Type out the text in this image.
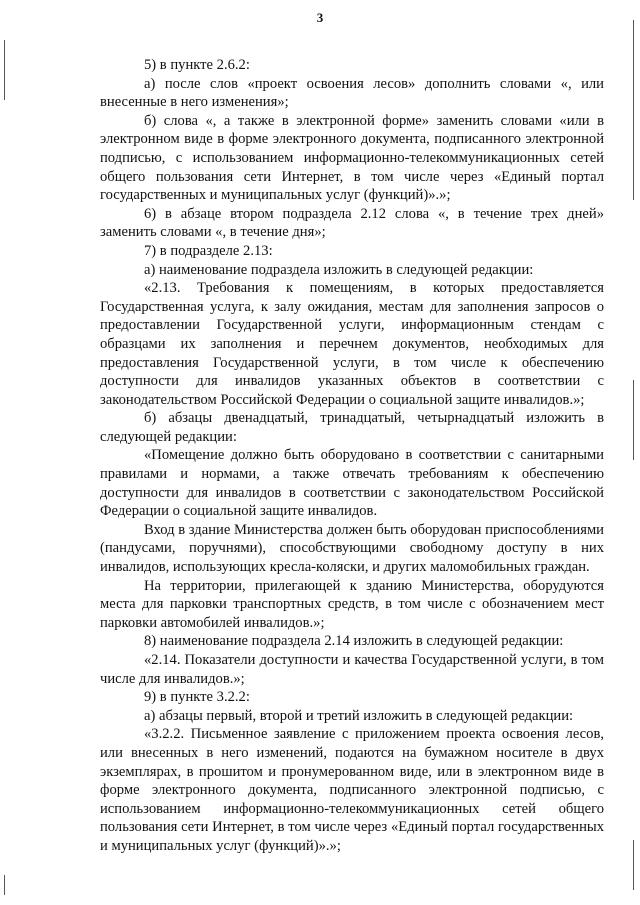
3

5) в пункте 2.6.2:

а) после слов «проект освоения лесов» дополнить словами «, или внесенные в него изменения»;

б) слова «, а также в электронной форме» заменить словами «или в электронном виде в форме электронного документа, подписанного электронной подписью, с использованием информационно-телекоммуникационных сетей общего пользования сети Интернет, в том числе через «Единый портал государственных и муниципальных услуг (функций)».»;

6) в абзаце втором подраздела 2.12 слова «, в течение трех дней» заменить словами «, в течение дня»;

7) в подразделе 2.13:

а) наименование подраздела изложить в следующей редакции:

«2.13. Требования к помещениям, в которых предоставляется Государственная услуга, к залу ожидания, местам для заполнения запросов о предоставлении Государственной услуги, информационным стендам с образцами их заполнения и перечнем документов, необходимых для предоставления Государственной услуги, в том числе к обеспечению доступности для инвалидов указанных объектов в соответствии с законодательством Российской Федерации о социальной защите инвалидов.»;

б) абзацы двенадцатый, тринадцатый, четырнадцатый изложить в следующей редакции:

«Помещение должно быть оборудовано в соответствии с санитарными правилами и нормами, а также отвечать требованиям к обеспечению доступности для инвалидов в соответствии с законодательством Российской Федерации о социальной защите инвалидов.

Вход в здание Министерства должен быть оборудован приспособлениями (пандусами, поручнями), способствующими свободному доступу в них инвалидов, использующих кресла-коляски, и других маломобильных граждан.

На территории, прилегающей к зданию Министерства, оборудуются места для парковки транспортных средств, в том числе с обозначением мест парковки автомобилей инвалидов.»;

8) наименование подраздела 2.14 изложить в следующей редакции:

«2.14. Показатели доступности и качества Государственной услуги, в том числе для инвалидов.»;

9) в пункте 3.2.2:

а) абзацы первый, второй и третий изложить в следующей редакции:

«3.2.2. Письменное заявление с приложением проекта освоения лесов, или внесенных в него изменений, подаются на бумажном носителе в двух экземплярах, в прошитом и пронумерованном виде, или в электронном виде в форме электронного документа, подписанного электронной подписью, с использованием информационно-телекоммуникационных сетей общего пользования сети Интернет, в том числе через «Единый портал государственных и муниципальных услуг (функций)».»;
